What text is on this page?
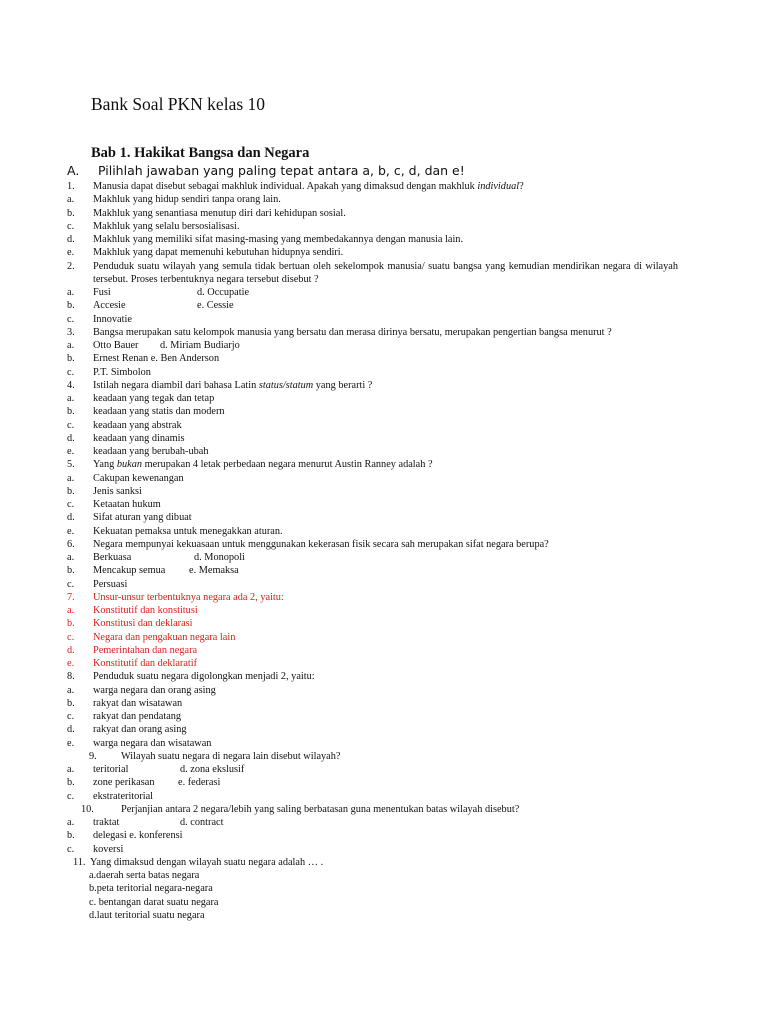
Bank Soal PKN kelas 10
Bab 1. Hakikat Bangsa dan Negara
A. Pilihlah jawaban yang paling tepat antara a, b, c, d, dan e!
1. Manusia dapat disebut sebagai makhluk individual. Apakah yang dimaksud dengan makhluk individual?
a. Makhluk yang hidup sendiri tanpa orang lain.
b. Makhluk yang senantiasa menutup diri dari kehidupan sosial.
c. Makhluk yang selalu bersosialisasi.
d. Makhluk yang memiliki sifat masing-masing yang membedakannya dengan manusia lain.
e. Makhluk yang dapat memenuhi kebutuhan hidupnya sendiri.
2. Penduduk suatu wilayah yang semula tidak bertuan oleh sekelompok manusia/ suatu bangsa yang kemudian mendirikan negara di wilayah tersebut. Proses terbentuknya negara tersebut disebut ?
a. Fusi	d. Occupatie
b. Accesie	e. Cessie
c. Innovatie
3. Bangsa merupakan satu kelompok manusia yang bersatu dan merasa dirinya bersatu, merupakan pengertian bangsa menurut ?
a. Otto Bauer d. Miriam Budiarjo
b. Ernest Renan e. Ben Anderson
c. P.T. Simbolon
4. Istilah negara diambil dari bahasa Latin status/statum yang berarti ?
a. keadaan yang tegak dan tetap
b. keadaan yang statis dan modern
c. keadaan yang abstrak
d. keadaan yang dinamis
e. keadaan yang berubah-ubah
5. Yang bukan merupakan 4 letak perbedaan negara menurut Austin Ranney adalah ?
a. Cakupan kewenangan
b. Jenis sanksi
c. Ketaatan hukum
d. Sifat aturan yang dibuat
e. Kekuatan pemaksa untuk menegakkan aturan.
6. Negara mempunyai kekuasaan untuk menggunakan kekerasan fisik secara sah merupakan sifat negara berupa?
a. Berkuasa	d. Monopoli
b. Mencakup semua e. Memaksa
c. Persuasi
7. Unsur-unsur terbentuknya negara ada 2, yaitu:
a. Konstitutif dan konstitusi
b. Konstitusi dan deklarasi
c. Negara dan pengakuan negara lain
d. Pemerintahan dan negara
e. Konstitutif dan deklaratif
8. Penduduk suatu negara digolongkan menjadi 2, yaitu:
a. warga negara dan orang asing
b. rakyat dan wisatawan
c. rakyat dan pendatang
d. rakyat dan orang asing
e. warga negara dan wisatawan
9. Wilayah suatu negara di negara lain disebut wilayah?
a. teritorial	d. zona ekslusif
b. zone perikasan e. federasi
c. ekstrateritorial
10.	Perjanjian antara 2 negara/lebih yang saling berbatasan guna menentukan batas wilayah disebut?
a. traktat	d. contract
b. delegasi e. konferensi
c. koversi
11. Yang dimaksud dengan wilayah suatu negara adalah … .
a.daerah serta batas negara
b.peta teritorial negara-negara
c. bentangan darat suatu negara
d.laut teritorial suatu negara
